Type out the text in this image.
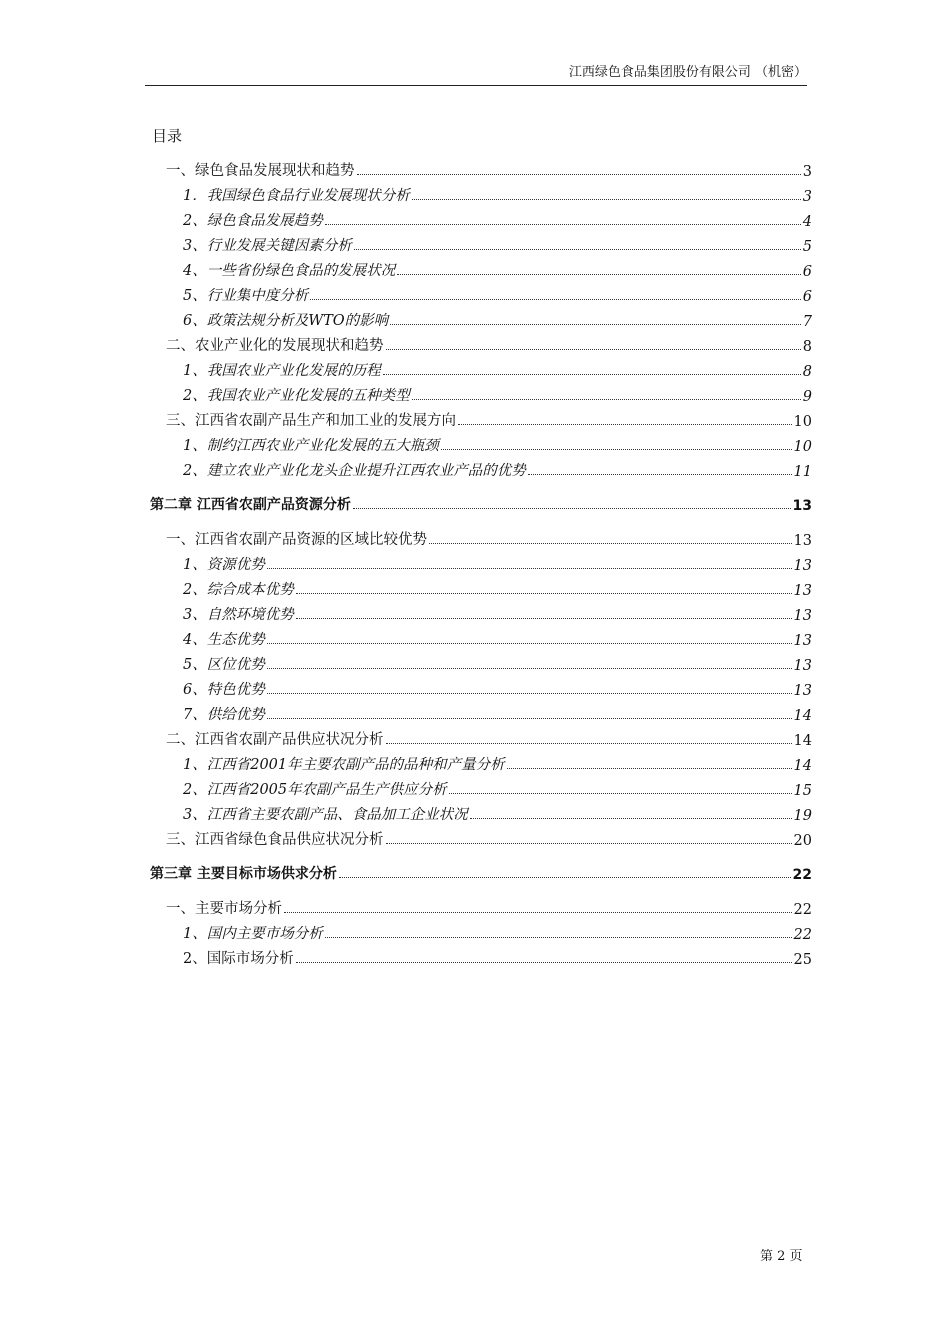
江西绿色食品集团股份有限公司 （机密）
目录
一、绿色食品发展现状和趋势	3
1．我国绿色食品行业发展现状分析	3
2、绿色食品发展趋势	4
3、行业发展关键因素分析	5
4、一些省份绿色食品的发展状况	6
5、行业集中度分析	6
6、政策法规分析及WTO的影响	7
二、农业产业化的发展现状和趋势	8
1、我国农业产业化发展的历程	8
2、我国农业产业化发展的五种类型	9
三、江西省农副产品生产和加工业的发展方向	10
1、制约江西农业产业化发展的五大瓶颈	10
2、建立农业产业化龙头企业提升江西农业产品的优势	11
第二章 江西省农副产品资源分析	13
一、江西省农副产品资源的区域比较优势	13
1、资源优势	13
2、综合成本优势	13
3、自然环境优势	13
4、生态优势	13
5、区位优势	13
6、特色优势	13
7、供给优势	14
二、江西省农副产品供应状况分析	14
1、江西省2001年主要农副产品的品种和产量分析	14
2、江西省2005年农副产品生产供应分析	15
3、江西省主要农副产品、食品加工企业状况	19
三、江西省绿色食品供应状况分析	20
第三章 主要目标市场供求分析	22
一、主要市场分析	22
1、国内主要市场分析	22
2、国际市场分析	25
第 2 页
